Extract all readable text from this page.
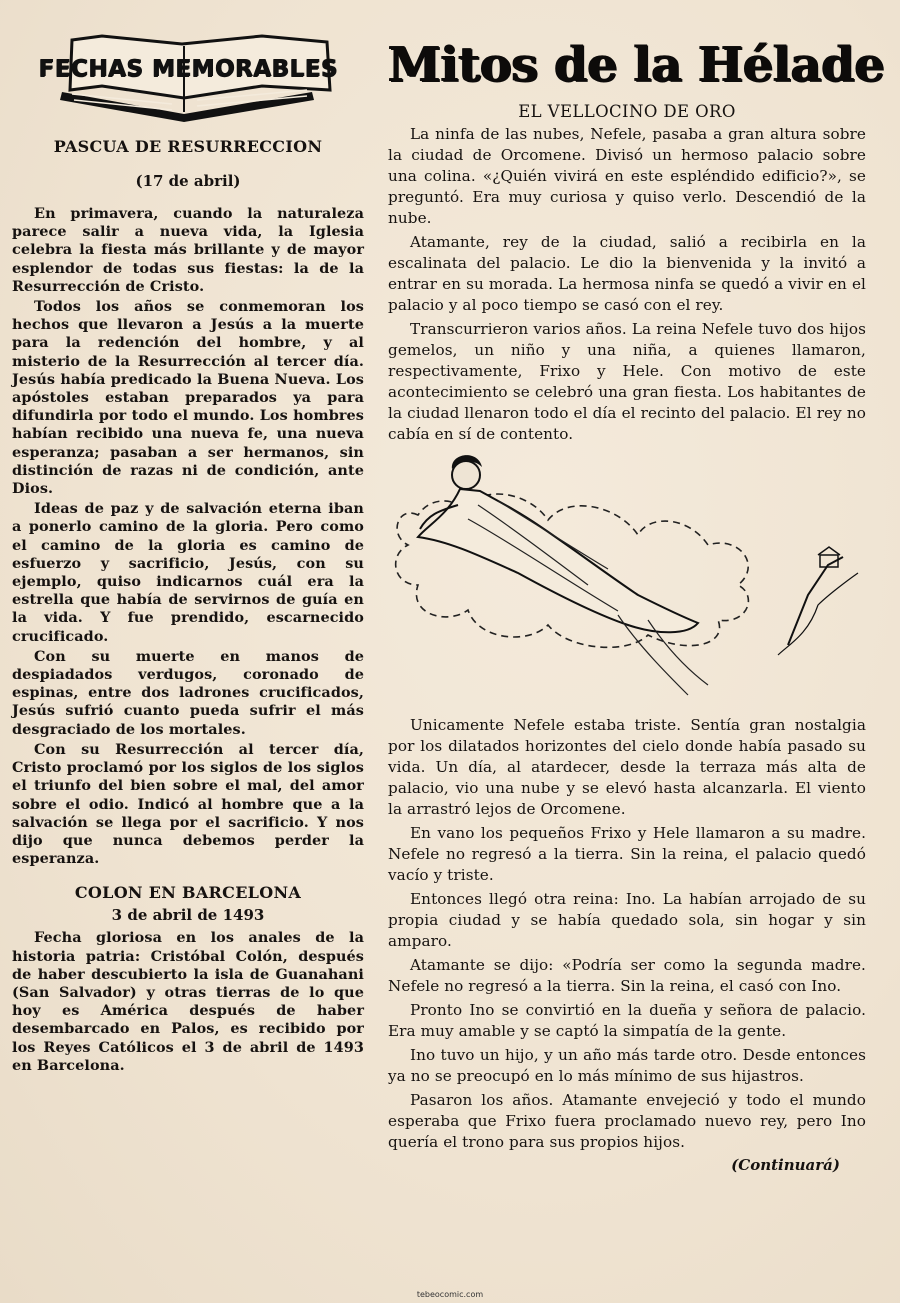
FECHAS MEMORABLES
PASCUA DE RESURRECCION
(17 de abril)

En primavera, cuando la naturaleza parece salir a nueva vida, la Iglesia celebra la fiesta más brillante y de mayor esplendor de todas sus fiestas: la de la Resurrección de Cristo.

Todos los años se conmemoran los hechos que llevaron a Jesús a la muerte para la redención del hombre, y al misterio de la Resurrección al tercer día. Jesús había predicado la Buena Nueva. Los apóstoles estaban preparados ya para difundirla por todo el mundo. Los hombres habían recibido una nueva fe, una nueva esperanza; pasaban a ser hermanos, sin distinción de razas ni de condición, ante Dios.

Ideas de paz y de salvación eterna iban a ponerlo camino de la gloria. Pero como el camino de la gloria es camino de esfuerzo y sacrificio, Jesús, con su ejemplo, quiso indicarnos cuál era la estrella que había de servirnos de guía en la vida. Y fue prendido, escarnecido crucificado.

Con su muerte en manos de despiadados verdugos, coronado de espinas, entre dos ladrones crucificados, Jesús sufrió cuanto pueda sufrir el más desgraciado de los mortales.

Con su Resurrección al tercer día, Cristo proclamó por los siglos de los siglos el triunfo del bien sobre el mal, del amor sobre el odio. Indicó al hombre que a la salvación se llega por el sacrificio. Y nos dijo que nunca debemos perder la esperanza.

COLON EN BARCELONA
3 de abril de 1493

Fecha gloriosa en los anales de la historia patria: Cristóbal Colón, después de haber descubierto la isla de Guanahani (San Salvador) y otras tierras de lo que hoy es América después de haber desembarcado en Palos, es recibido por los Reyes Católicos el 3 de abril de 1493 en Barcelona.

Mitos de la Hélade
EL VELLOCINO DE ORO

La ninfa de las nubes, Nefele, pasaba a gran altura sobre la ciudad de Orcomene. Divisó un hermoso palacio sobre una colina. «¿Quién vivirá en este espléndido edificio?», se preguntó. Era muy curiosa y quiso verlo. Descendió de la nube.

Atamante, rey de la ciudad, salió a recibirla en la escalinata del palacio. Le dio la bienvenida y la invitó a entrar en su morada. La hermosa ninfa se quedó a vivir en el palacio y al poco tiempo se casó con el rey.

Transcurrieron varios años. La reina Nefele tuvo dos hijos gemelos, un niño y una niña, a quienes llamaron, respectivamente, Frixo y Hele. Con motivo de este acontecimiento se celebró una gran fiesta. Los habitantes de la ciudad llenaron todo el día el recinto del palacio. El rey no cabía en sí de contento.

Unicamente Nefele estaba triste. Sentía gran nostalgia por los dilatados horizontes del cielo donde había pasado su vida. Un día, al atardecer, desde la terraza más alta de palacio, vio una nube y se elevó hasta alcanzarla. El viento la arrastró lejos de Orcomene.

En vano los pequeños Frixo y Hele llamaron a su madre. Nefele no regresó a la tierra. Sin la reina, el palacio quedó vacío y triste.

Entonces llegó otra reina: Ino. La habían arrojado de su propia ciudad y se había quedado sola, sin hogar y sin amparo.

Atamante se dijo: «Podría ser como la segunda madre. Nefele no regresó a la tierra. Sin la reina, el casó con Ino.

Pronto Ino se convirtió en la dueña y señora de palacio. Era muy amable y se captó la simpatía de la gente.

Ino tuvo un hijo, y un año más tarde otro. Desde entonces ya no se preocupó en lo más mínimo de sus hijastros.

Pasaron los años. Atamante envejeció y todo el mundo esperaba que Frixo fuera proclamado nuevo rey, pero Ino quería el trono para sus propios hijos.

(Continuará)
tebeocomic.com
